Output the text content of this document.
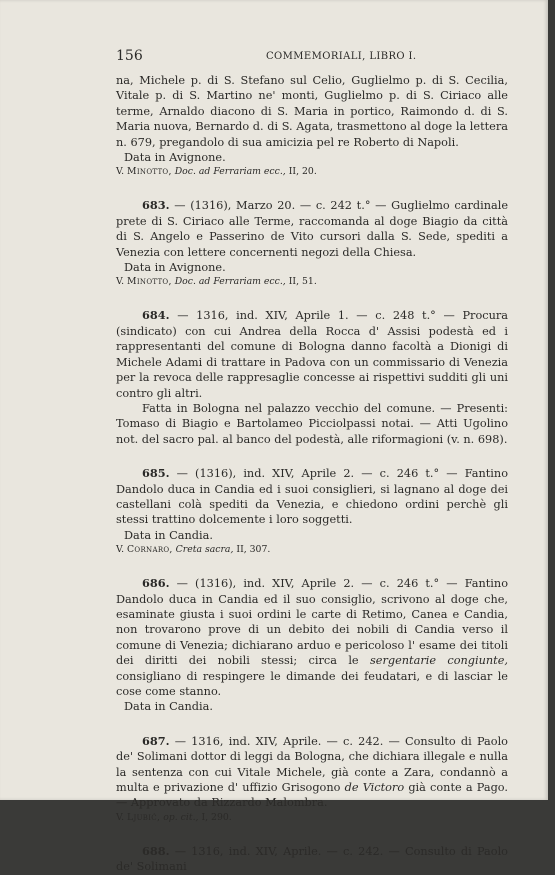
156	COMMEMORIALI, LIBRO I.

na, Michele p. di S. Stefano sul Celio, Guglielmo p. di S. Cecilia, Vitale p. di S. Martino ne' monti, Guglielmo p. di S. Ciriaco alle terme, Arnaldo diacono di S. Maria in portico, Raimondo d. di S. Maria nuova, Bernardo d. di S. Agata, trasmettono al doge la lettera n. 679, pregandolo di sua amicizia pel re Roberto di Napoli.

Data in Avignone.

V. Minotto, Doc. ad Ferrariam ecc., II, 20.

683. — (1316), Marzo 20. — c. 242 t.° — Guglielmo cardinale prete di S. Ciriaco alle Terme, raccomanda al doge Biagio da città di S. Angelo e Passerino de Vito cursori dalla S. Sede, spediti a Venezia con lettere concernenti negozi della Chiesa.

Data in Avignone.

V. Minotto, Doc. ad Ferrariam ecc., II, 51.

684. — 1316, ind. XIV, Aprile 1. — c. 248 t.° — Procura (sindicato) con cui Andrea della Rocca d' Assisi podestà ed i rappresentanti del comune di Bologna danno facoltà a Dionigi di Michele Adami di trattare in Padova con un commissario di Venezia per la revoca delle rappresaglie concesse ai rispettivi sudditi gli uni contro gli altri.

Fatta in Bologna nel palazzo vecchio del comune. — Presenti: Tomaso di Biagio e Bartolameo Picciolpassi notai. — Atti Ugolino not. del sacro pal. al banco del podestà, alle riformagioni (v. n. 698).

685. — (1316), ind. XIV, Aprile 2. — c. 246 t.° — Fantino Dandolo duca in Candia ed i suoi consiglieri, si lagnano al doge dei castellani colà spediti da Venezia, e chiedono ordini perchè gli stessi trattino dolcemente i loro soggetti.

Data in Candia.

V. Cornaro, Creta sacra, II, 307.

686. — (1316), ind. XIV, Aprile 2. — c. 246 t.° — Fantino Dandolo duca in Candia ed il suo consiglio, scrivono al doge che, esaminate giusta i suoi ordini le carte di Retimo, Canea e Candia, non trovarono prove di un debito dei nobili di Candia verso il comune di Venezia; dichiarano arduo e pericoloso l' esame dei titoli dei diritti dei nobili stessi; circa le sergentarie congiunte, consigliano di respingere le dimande dei feudatari, e di lasciar le cose come stanno.

Data in Candia.

687. — 1316, ind. XIV, Aprile. — c. 242. — Consulto di Paolo de' Solimani dottor di leggi da Bologna, che dichiara illegale e nulla la sentenza con cui Vitale Michele, già conte a Zara, condannò a multa e privazione d' uffizio Grisogono de Victoro già conte a Pago. — Approvato da Rizzardo Malombra.

V. Ljubić, op. cit., I, 290.

688. — 1316, ind. XIV, Aprile. — c. 242. — Consulto di Paolo de' Solimani
